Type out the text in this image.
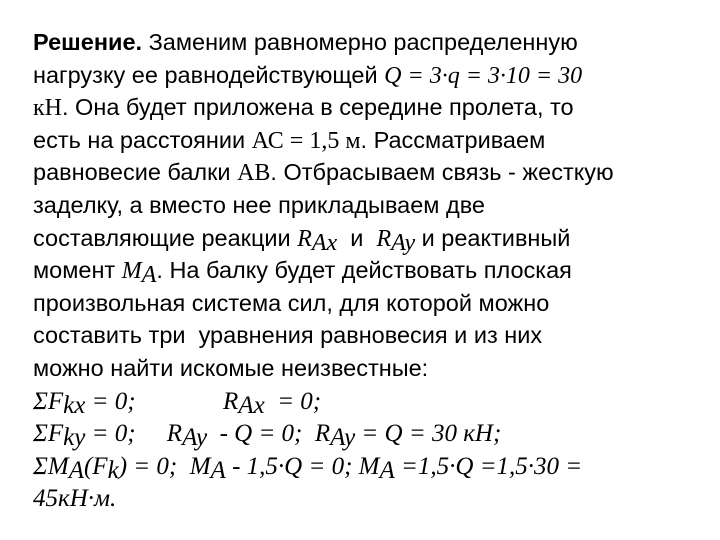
Решение. Заменим равномерно распределенную
нагрузку ее равнодействующей Q = 3·q = 3·10 = 30
кН. Она будет приложена в середине пролета, то
есть на расстоянии АС = 1,5 м. Рассматриваем
равновесие балки АВ. Отбрасываем связь - жесткую
заделку, а вместо нее прикладываем две
составляющие реакции $R_{Ax}$  и  $R_{Ay}$ и реактивный
момент $M_A$. На балку будет действовать плоская
произвольная система сил, для которой можно
составить три  уравнения равновесия и из них
можно найти искомые неизвестные:
$\Sigma F_{kx} = 0$;              $R_{Ax} = 0$;
$\Sigma F_{ky} = 0$;     $R_{Ay} - Q = 0$;  $R_{Ay} = Q = 30$ кН;
$\Sigma M_A(F_k) = 0$;  $M_A - 1,5\cdot Q = 0$; $M_A =1,5\cdot Q =1,5\cdot 30$ =
45кН·м.
